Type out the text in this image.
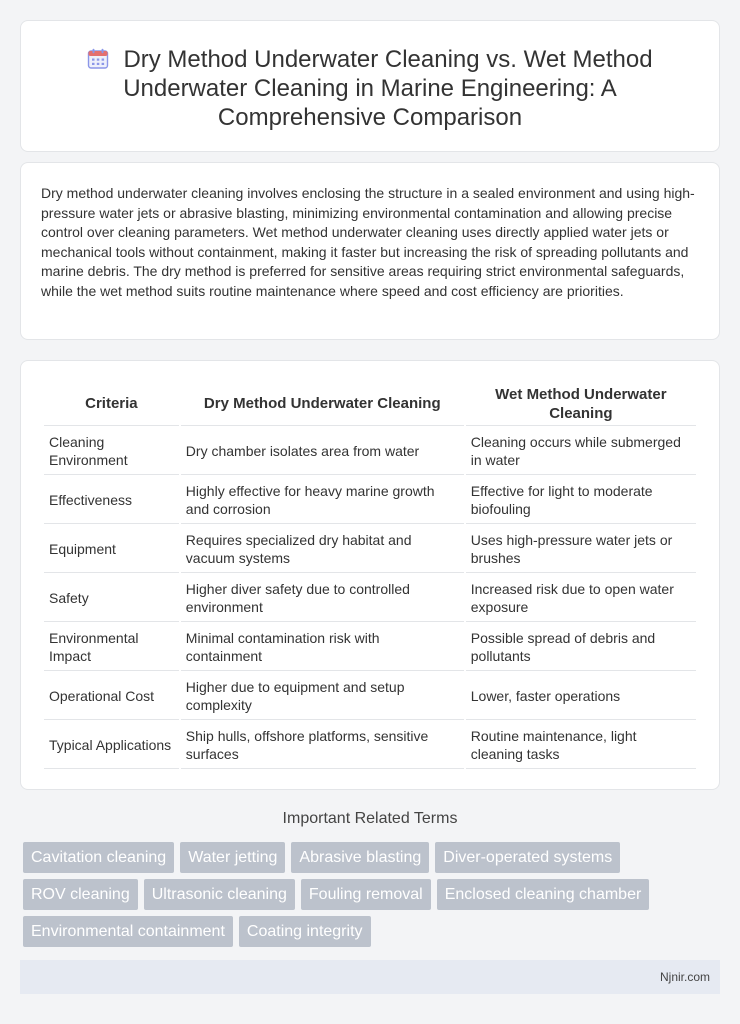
Dry Method Underwater Cleaning vs. Wet Method Underwater Cleaning in Marine Engineering: A Comprehensive Comparison

Dry method underwater cleaning involves enclosing the structure in a sealed environment and using high-pressure water jets or abrasive blasting, minimizing environmental contamination and allowing precise control over cleaning parameters. Wet method underwater cleaning uses directly applied water jets or mechanical tools without containment, making it faster but increasing the risk of spreading pollutants and marine debris. The dry method is preferred for sensitive areas requiring strict environmental safeguards, while the wet method suits routine maintenance where speed and cost efficiency are priorities.

Criteria	Dry Method Underwater Cleaning	Wet Method Underwater Cleaning
Cleaning Environment	Dry chamber isolates area from water	Cleaning occurs while submerged in water
Effectiveness	Highly effective for heavy marine growth and corrosion	Effective for light to moderate biofouling
Equipment	Requires specialized dry habitat and vacuum systems	Uses high-pressure water jets or brushes
Safety	Higher diver safety due to controlled environment	Increased risk due to open water exposure
Environmental Impact	Minimal contamination risk with containment	Possible spread of debris and pollutants
Operational Cost	Higher due to equipment and setup complexity	Lower, faster operations
Typical Applications	Ship hulls, offshore platforms, sensitive surfaces	Routine maintenance, light cleaning tasks
Important Related Terms
Cavitation cleaning	Water jetting	Abrasive blasting	Diver-operated systems
ROV cleaning	Ultrasonic cleaning	Fouling removal	Enclosed cleaning chamber
Environmental containment	Coating integrity
Njnir.com
